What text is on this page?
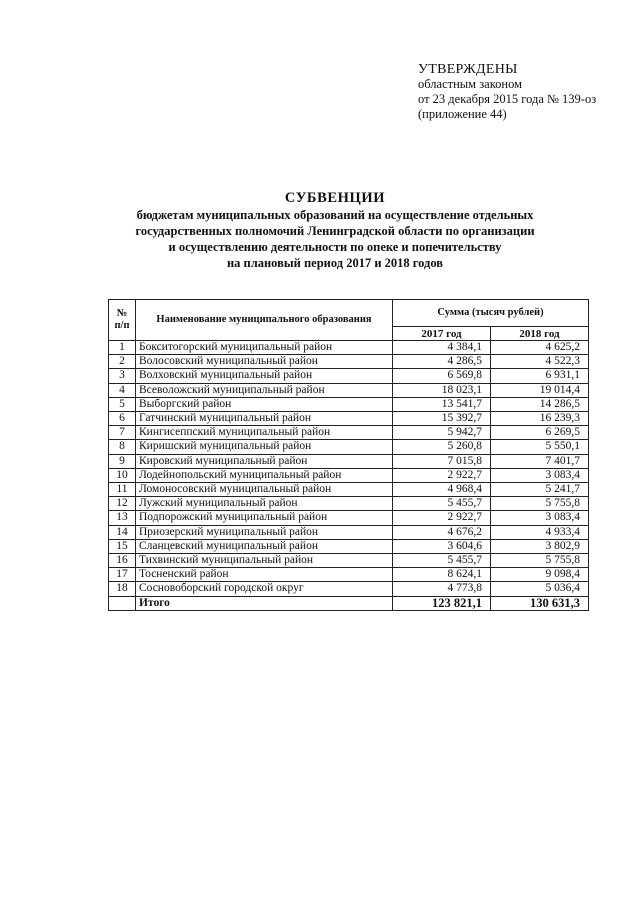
УТВЕРЖДЕНЫ
областным законом
от 23 декабря 2015 года № 139-оз
(приложение 44)
СУБВЕНЦИИ
бюджетам муниципальных образований на осуществление отдельных
государственных полномочий Ленинградской области по организации
и осуществлению деятельности по опеке и попечительству
на плановый период 2017 и 2018 годов
№ п/п	Наименование муниципального образования	Сумма (тысяч рублей)	
		2017 год	2018 год
1	Бокситогорский муниципальный район	4 384,1	4 625,2
2	Волосовский муниципальный район	4 286,5	4 522,3
3	Волховский муниципальный район	6 569,8	6 931,1
4	Всеволожский муниципальный район	18 023,1	19 014,4
5	Выборгский район	13 541,7	14 286,5
6	Гатчинский муниципальный район	15 392,7	16 239,3
7	Кингисеппский муниципальный район	5 942,7	6 269,5
8	Киришский муниципальный район	5 260,8	5 550,1
9	Кировский муниципальный район	7 015,8	7 401,7
10	Лодейнопольский муниципальный район	2 922,7	3 083,4
11	Ломоносовский муниципальный район	4 968,4	5 241,7
12	Лужский муниципальный район	5 455,7	5 755,8
13	Подпорожский муниципальный район	2 922,7	3 083,4
14	Приозерский муниципальный район	4 676,2	4 933,4
15	Сланцевский муниципальный район	3 604,6	3 802,9
16	Тихвинский муниципальный район	5 455,7	5 755,8
17	Тосненский район	8 624,1	9 098,4
18	Сосновоборский городской округ	4 773,8	5 036,4
	Итого	123 821,1	130 631,3
